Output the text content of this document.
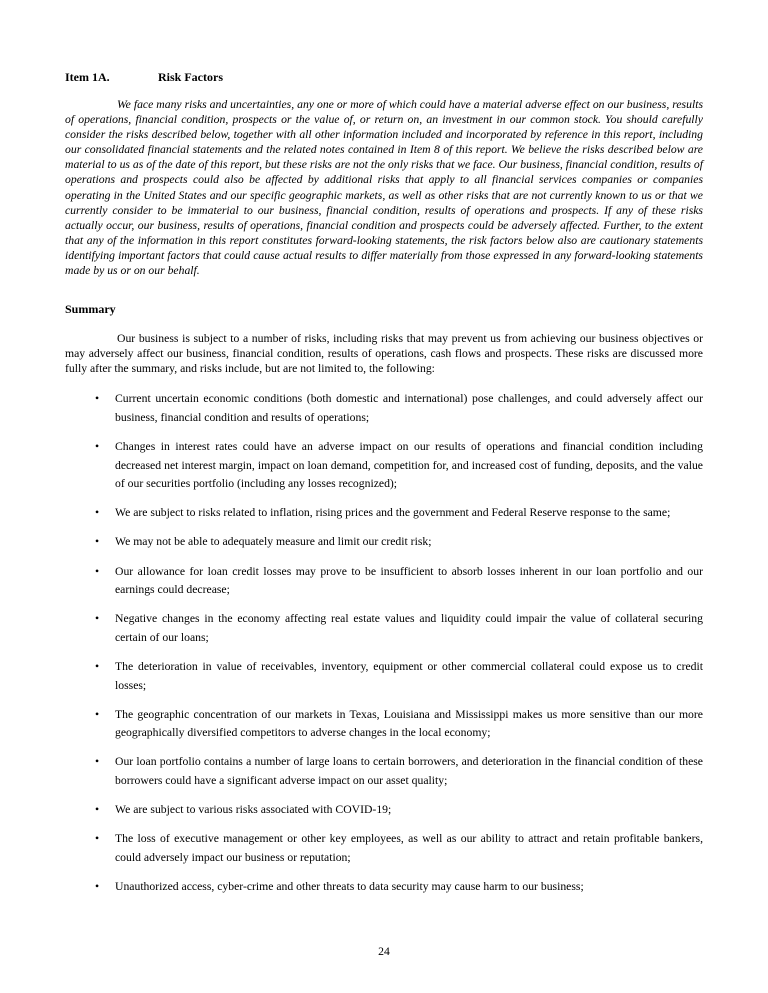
Item 1A.	Risk Factors

We face many risks and uncertainties, any one or more of which could have a material adverse effect on our business, results of operations, financial condition, prospects or the value of, or return on, an investment in our common stock. You should carefully consider the risks described below, together with all other information included and incorporated by reference in this report, including our consolidated financial statements and the related notes contained in Item 8 of this report. We believe the risks described below are material to us as of the date of this report, but these risks are not the only risks that we face. Our business, financial condition, results of operations and prospects could also be affected by additional risks that apply to all financial services companies or companies operating in the United States and our specific geographic markets, as well as other risks that are not currently known to us or that we currently consider to be immaterial to our business, financial condition, results of operations and prospects. If any of these risks actually occur, our business, results of operations, financial condition and prospects could be adversely affected. Further, to the extent that any of the information in this report constitutes forward-looking statements, the risk factors below also are cautionary statements identifying important factors that could cause actual results to differ materially from those expressed in any forward-looking statements made by us or on our behalf.

Summary

Our business is subject to a number of risks, including risks that may prevent us from achieving our business objectives or may adversely affect our business, financial condition, results of operations, cash flows and prospects. These risks are discussed more fully after the summary, and risks include, but are not limited to, the following:

•	Current uncertain economic conditions (both domestic and international) pose challenges, and could adversely affect our business, financial condition and results of operations;
•	Changes in interest rates could have an adverse impact on our results of operations and financial condition including decreased net interest margin, impact on loan demand, competition for, and increased cost of funding, deposits, and the value of our securities portfolio (including any losses recognized);
•	We are subject to risks related to inflation, rising prices and the government and Federal Reserve response to the same;
•	We may not be able to adequately measure and limit our credit risk;
•	Our allowance for loan credit losses may prove to be insufficient to absorb losses inherent in our loan portfolio and our earnings could decrease;
•	Negative changes in the economy affecting real estate values and liquidity could impair the value of collateral securing certain of our loans;
•	The deterioration in value of receivables, inventory, equipment or other commercial collateral could expose us to credit losses;
•	The geographic concentration of our markets in Texas, Louisiana and Mississippi makes us more sensitive than our more geographically diversified competitors to adverse changes in the local economy;
•	Our loan portfolio contains a number of large loans to certain borrowers, and deterioration in the financial condition of these borrowers could have a significant adverse impact on our asset quality;
•	We are subject to various risks associated with COVID-19;
•	The loss of executive management or other key employees, as well as our ability to attract and retain profitable bankers, could adversely impact our business or reputation;
•	Unauthorized access, cyber-crime and other threats to data security may cause harm to our business;
24
